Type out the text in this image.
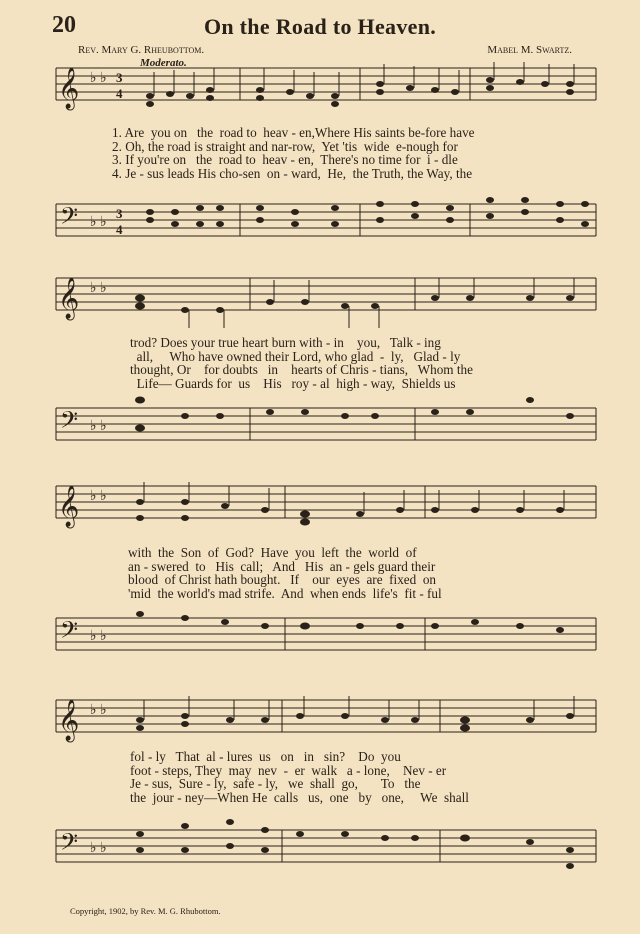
20	On the Road to Heaven.
Rev. Mary G. Rheubottom.	Mabel M. Swartz.
Moderato.
𝄞 ♭ ♭ 3
4
1. Are  you on   the  road to  heav - en,Where His saints be-fore have
2. Oh, the road is straight and nar-row,  Yet 'tis  wide  e-nough for
3. If you're on   the  road to  heav - en,  There's no time for  i - dle
4. Je - sus leads His cho-sen  on - ward,  He,  the Truth, the Way, the
𝄢 ♭ ♭
3
4
𝄞 ♭ ♭
trod? Does your true heart burn with - in    you,   Talk - ing
all,     Who have owned their Lord, who glad  -  ly,   Glad - ly
thought, Or    for doubts   in    hearts of Chris - tians,   Whom the
Life— Guards for  us    His   roy - al  high - way,  Shields us
𝄢 ♭ ♭
𝄞 ♭ ♭
with  the  Son  of  God?  Have  you  left  the  world  of
an - swered  to   His  call;   And   His  an - gels guard their
blood  of Christ hath bought.   If    our  eyes  are  fixed  on
'mid  the world's mad strife.  And  when ends  life's  fit - ful
𝄢 ♭ ♭
𝄞 ♭ ♭
fol - ly   That  al - lures  us   on   in   sin?    Do  you
foot - steps, They  may  nev  -  er  walk   a - lone,    Nev - er
Je - sus,  Sure - ly,  safe - ly,   we  shall  go,       To   the
the  jour - ney—When He  calls   us,  one   by   one,     We  shall
𝄢 ♭ ♭
Copyright, 1902, by Rev. M. G. Rhubottom.
